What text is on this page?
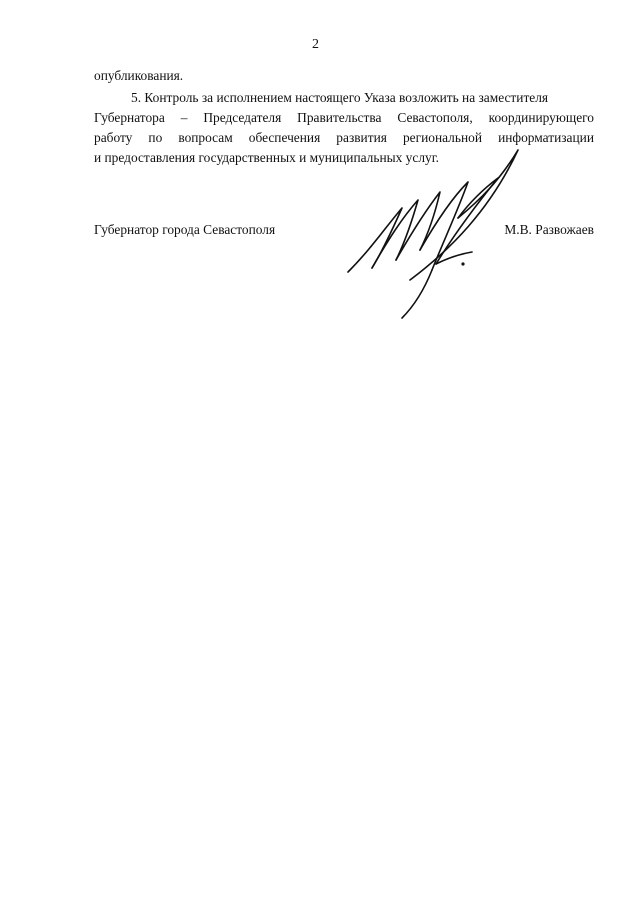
2
опубликования.
5. Контроль за исполнением настоящего Указа возложить на заместителя
Губернатора – Председателя Правительства Севастополя, координирующего
работу по вопросам обеспечения развития региональной информатизации
и предоставления государственных и муниципальных услуг.
Губернатор города Севастополя	М.В. Развожаев
